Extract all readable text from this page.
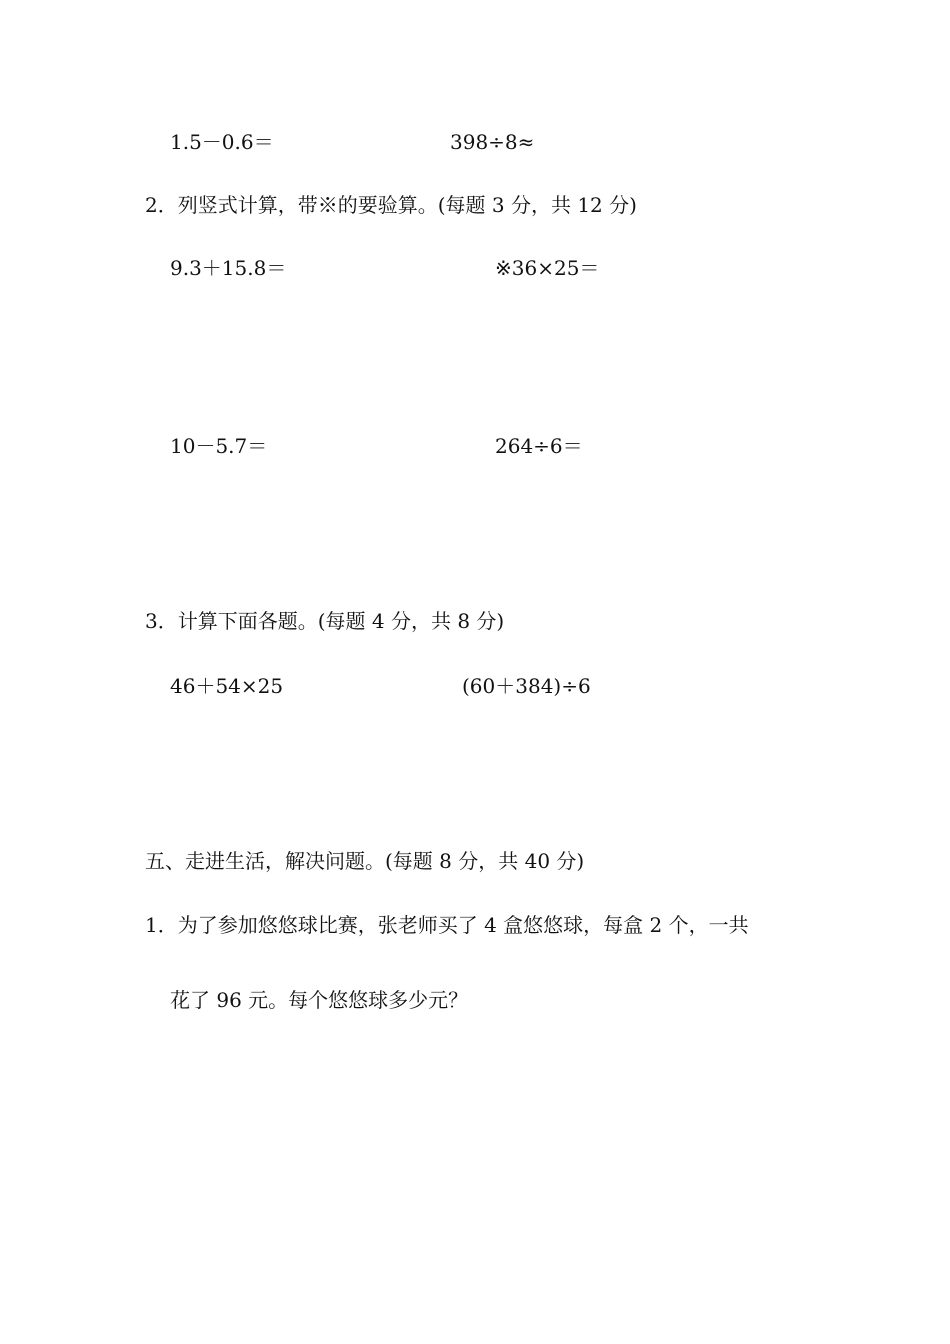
1.5－0.6＝	398÷8≈
2．列竖式计算，带※的要验算。(每题 3 分，共 12 分)
9.3＋15.8＝	※36×25＝
10－5.7＝	264÷6＝
3．计算下面各题。(每题 4 分，共 8 分)
46＋54×25	(60＋384)÷6
五、走进生活，解决问题。(每题 8 分，共 40 分)
1．为了参加悠悠球比赛，张老师买了 4 盒悠悠球，每盒 2 个，一共
花了 96 元。每个悠悠球多少元？
